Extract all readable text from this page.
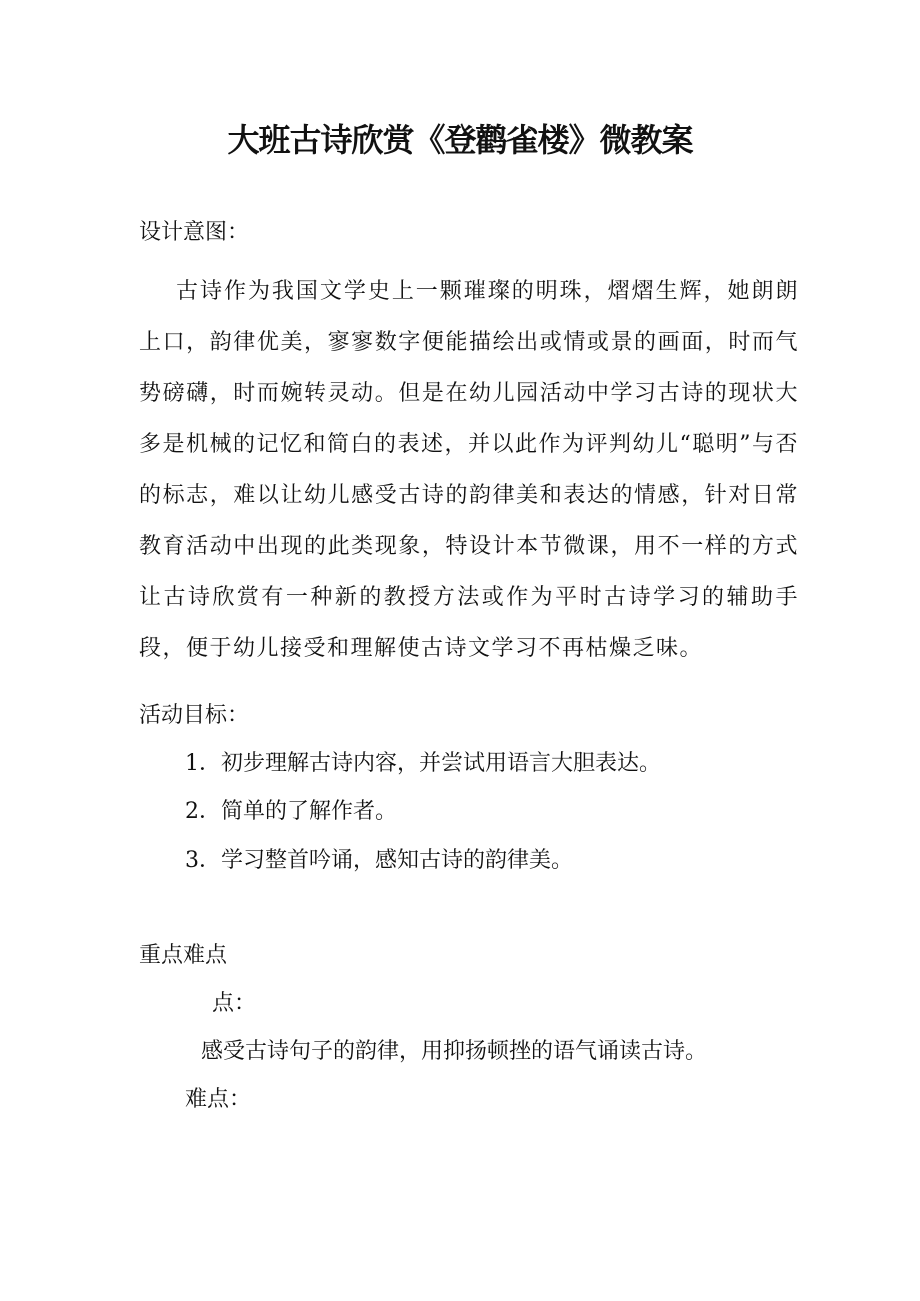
大班古诗欣赏《登鹳雀楼》微教案

设计意图：

古诗作为我国文学史上一颗璀璨的明珠，熠熠生辉，她朗朗上口，韵律优美，寥寥数字便能描绘出或情或景的画面，时而气势磅礴，时而婉转灵动。但是在幼儿园活动中学习古诗的现状大多是机械的记忆和简白的表述，并以此作为评判幼儿“聪明”与否的标志，难以让幼儿感受古诗的韵律美和表达的情感，针对日常教育活动中出现的此类现象，特设计本节微课，用不一样的方式让古诗欣赏有一种新的教授方法或作为平时古诗学习的辅助手段，便于幼儿接受和理解使古诗文学习不再枯燥乏味。

活动目标：

1．初步理解古诗内容，并尝试用语言大胆表达。

2．简单的了解作者。

3．学习整首吟诵，感知古诗的韵律美。

重点难点

点：

感受古诗句子的韵律，用抑扬顿挫的语气诵读古诗。

难点：
